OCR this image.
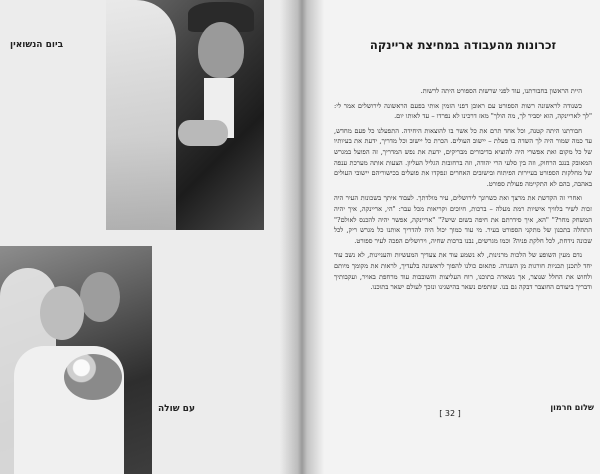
ביום הנשואין
עם שולה
זכרונות מהעבודה במחיצת אריינקה

היית הראשון בחבורתנו, עוד לפני שרשות הספורט היתה לרשות.

כשנודה לראשונה רשות הספורט עם ראובן דפני הזמין אותי בפעם הראשונה לירושלים אמר לי: "לך לאריינקה, הוא יסביר לך, מה הולך" מאז דרכינו לא נפרדו – עד לאותו יום.

חבורתנו היתה קטנה, וכל אחד תרם את כל אשר בו להוצאות היחידה. התפעלנו כל פעם מחדש, עד כמה שמור היה לך השדה בו פעלת – יישוב העולים. הכרת כל יישוב וכל מדריך, ידעת את בעיותיו של כל מקום ואת אפשרי היה להוציא בדיבורים מבריקים, ידעת את נפש המדריך, זה הפועל במגרש המאובק בנגב הרחוק, וזה בין סלעי הרי יהודה, וזה ברחובות הגליל העליון. הצעות אותה מערכת ענפה של מחלקות הספורט בעיירות הפיתוח ובישובים האחרים ונפקדו את פועלים בכישוריהם יישובי העולים באהבה, בהם לא התקיימה פעולת ספורט.

ואחרי זה הקדשת את מרצך ואת כשרונך לירושלים, עיר מולדתך. לעבוד איתך בשכונות העיר היה זכות לשיר בלוויך אישיות רמת מעלה – ברכות, חיוכים וקריאות מכל עבר: "הי, אריינקה, איך יהיה המשחק מחר?" "הא, איך סידרתם את חיפה בשום שיש?" "אריינקה, אפשר יהיה להכנס לאולם?" התחלה בתכנון של מתקני הספורט בעיר. מי עוד כמוך יכול היה להדריך אותנו כל מגרש ריק, לכל שכונה נידחת, לכל חלקת פניה? וכמו מגרשים, נבנו ברכות שחיה, וירושלים הפכה לעיר ספורט.

נדם מעין השופע של הלכות מרנינות, לא נשמע עוד את צעדיך המעשיות והעניינות, לא נשב עוד יחד לתכנן תכניות חורגות מן השגרה. פתאום כולנו להפוך לראשונה בלעדיך, לראות את מקומך מיותם ולחוש את החלל שנוצר, אך נשארה בתוכנו, רוח העליצות והשובבות עוד מרחפת באויר, ועקבותיך ודבריך ביעודם החוצבר דבקה גם בנו. שותפים נשאר בהישגינו ונזכך לעולם ישאר בתוכנו.

[ 32 ]
שלום חרמון
